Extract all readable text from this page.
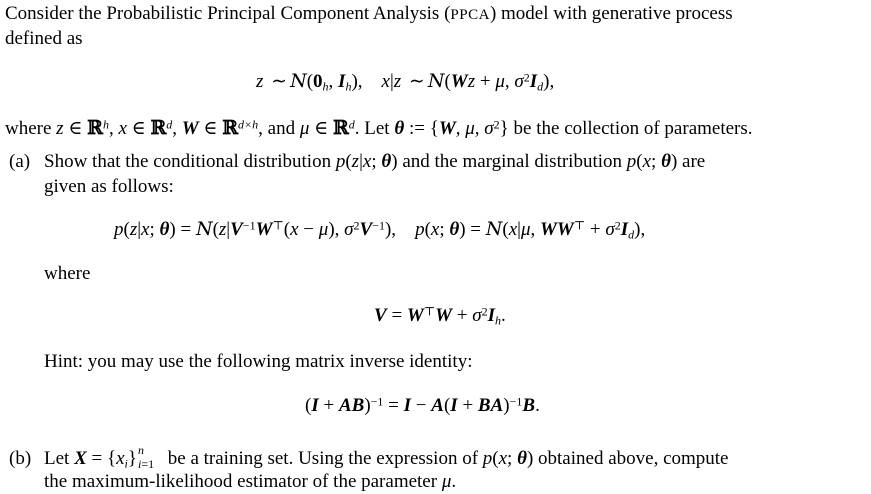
Consider the Probabilistic Principal Component Analysis (PPCA) model with generative process
defined as
z ∼ $N(0_h$, $I_h$),    x|z ∼ N(Wz + μ, $\sigma^2I_d$),
where z ∈ ℝ$^h$, x ∈ ℝ$^d$, W ∈ ℝ$^{d\times h}$, and μ ∈ ℝ$^d$. Let θ := {W, μ, $\sigma^2$} be the collection of parameters.
(a) Show that the conditional distribution p(z|x; θ) and the marginal distribution p(x; θ) are
given as follows:
p(z|x; $\theta) = N(z|V^{-1}W^⊤(x - \mu)$, $\sigma^2V^{-1}$),    p(x; θ) = N(x|μ, $WW^⊤ + \sigma^2I_d$),
where
$V = W^⊤W + \sigma^2I_h$.
Hint: you may use the following matrix inverse identity:
(I + AB)$^{-1}$ = I − A(I + BA)$^{-1}$B.
(b) Let $X = \{x_i\}$ n
i=1 be a training set. Using the expression of p(x; θ) obtained above, compute
the maximum-likelihood estimator of the parameter μ.
